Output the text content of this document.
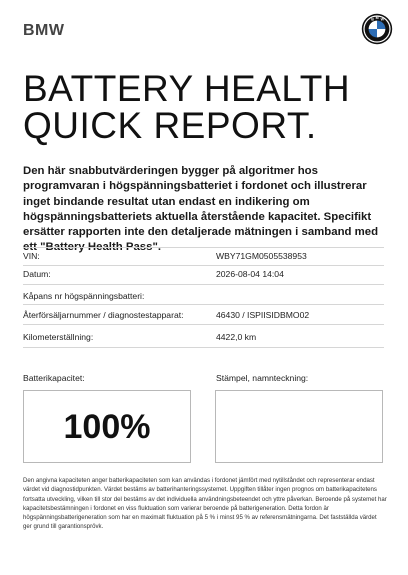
BMW
B M W
BATTERY HEALTH
QUICK REPORT.

Den här snabbutvärderingen bygger på algoritmer hos programvaran i högspänningsbatteriet i fordonet och illustrerar inget bindande resultat utan endast en indikering om högspänningsbatteriets aktuella återstående kapacitet. Specifikt ersätter rapporten inte den detaljerade mätningen i samband med ett "Battery Health Pass".

VIN:	WBY71GM0505538953
Datum:	2026-08-04 14:04
Kåpans nr högspänningsbatteri:
Återförsäljarnummer / diagnostestapparat:	46430 / ISPIISIDBMO02
Kilometerställning:	4422,0 km
Batterikapacitet:	Stämpel, namnteckning:
100%

Den angivna kapaciteten anger batterikapaciteten som kan användas i fordonet jämfört med nytillståndet och representerar endast värdet vid diagnostidpunkten. Värdet bestäms av batterihanteringssystemet. Uppgiften tillåter ingen prognos om batterikapacitetens fortsatta utveckling, vilken till stor del bestäms av det individuella användningsbeteendet och yttre påverkan. Beroende på systemet har kapacitetsbestämningen i fordonet en viss fluktuation som varierar beroende på batterigeneration. Detta fordon är högspänningsbatterigeneration som har en maximalt fluktuation på 5 % i minst 95 % av referensmätningarna. Det fastställda värdet ger grund till garantionsprövk.
